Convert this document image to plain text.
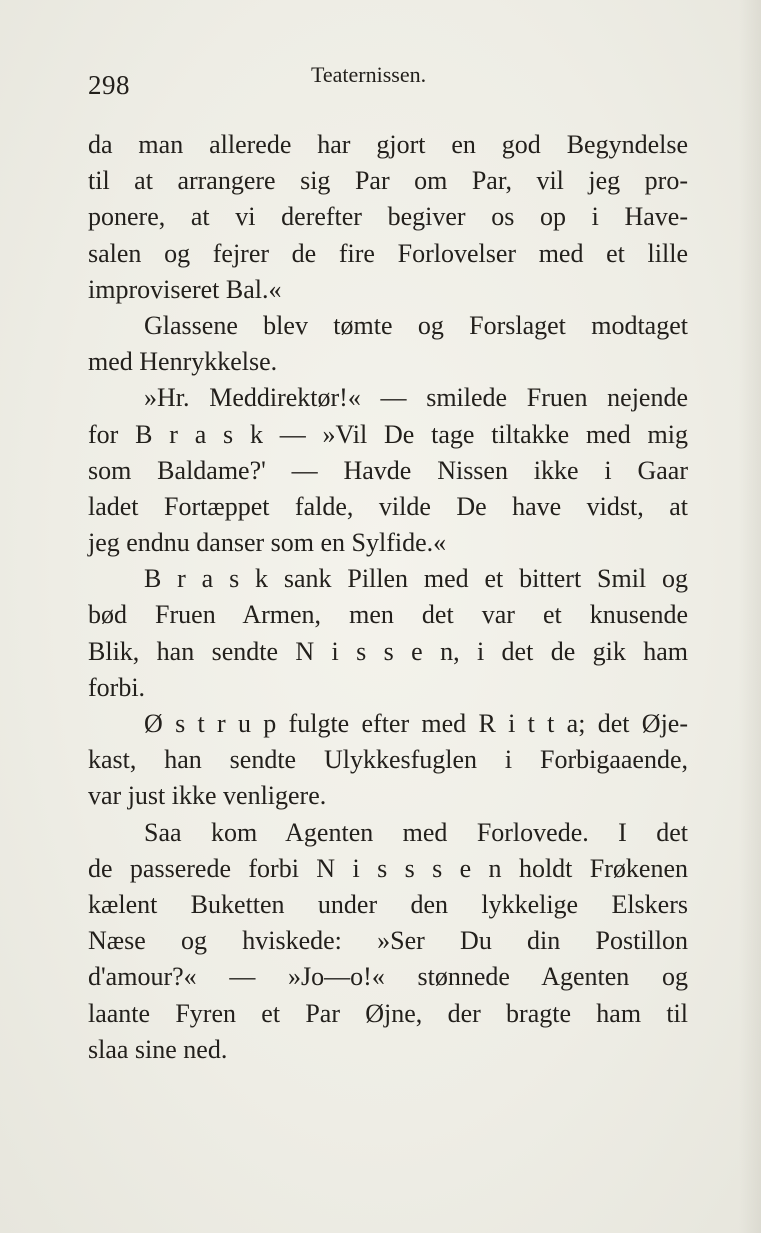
298	Teaternissen.
da man allerede har gjort en god Begyndelse
til at arrangere sig Par om Par, vil jeg pro-
ponere, at vi derefter begiver os op i Have-
salen og fejrer de fire Forlovelser med et lille
improviseret Bal.«
Glassene blev tømte og Forslaget modtaget
med Henrykkelse.
»Hr. Meddirektør!« — smilede Fruen nejende
for B r a s k — »Vil De tage tiltakke med mig
som Baldame?' — Havde Nissen ikke i Gaar
ladet Fortæppet falde, vilde De have vidst, at
jeg endnu danser som en Sylfide.«
B r a s k sank Pillen med et bittert Smil og
bød Fruen Armen, men det var et knusende
Blik, han sendte N i s s e n, i det de gik ham
forbi.
Ø s t r u p fulgte efter med R i t t a; det Øje-
kast, han sendte Ulykkesfuglen i Forbigaaende,
var just ikke venligere.
Saa kom Agenten med Forlovede. I det
de passerede forbi N i s s s e n holdt Frøkenen
kælent Buketten under den lykkelige Elskers
Næse og hviskede: »Ser Du din Postillon
d'amour?« — »Jo—o!« stønnede Agenten og
laante Fyren et Par Øjne, der bragte ham til
slaa sine ned.
